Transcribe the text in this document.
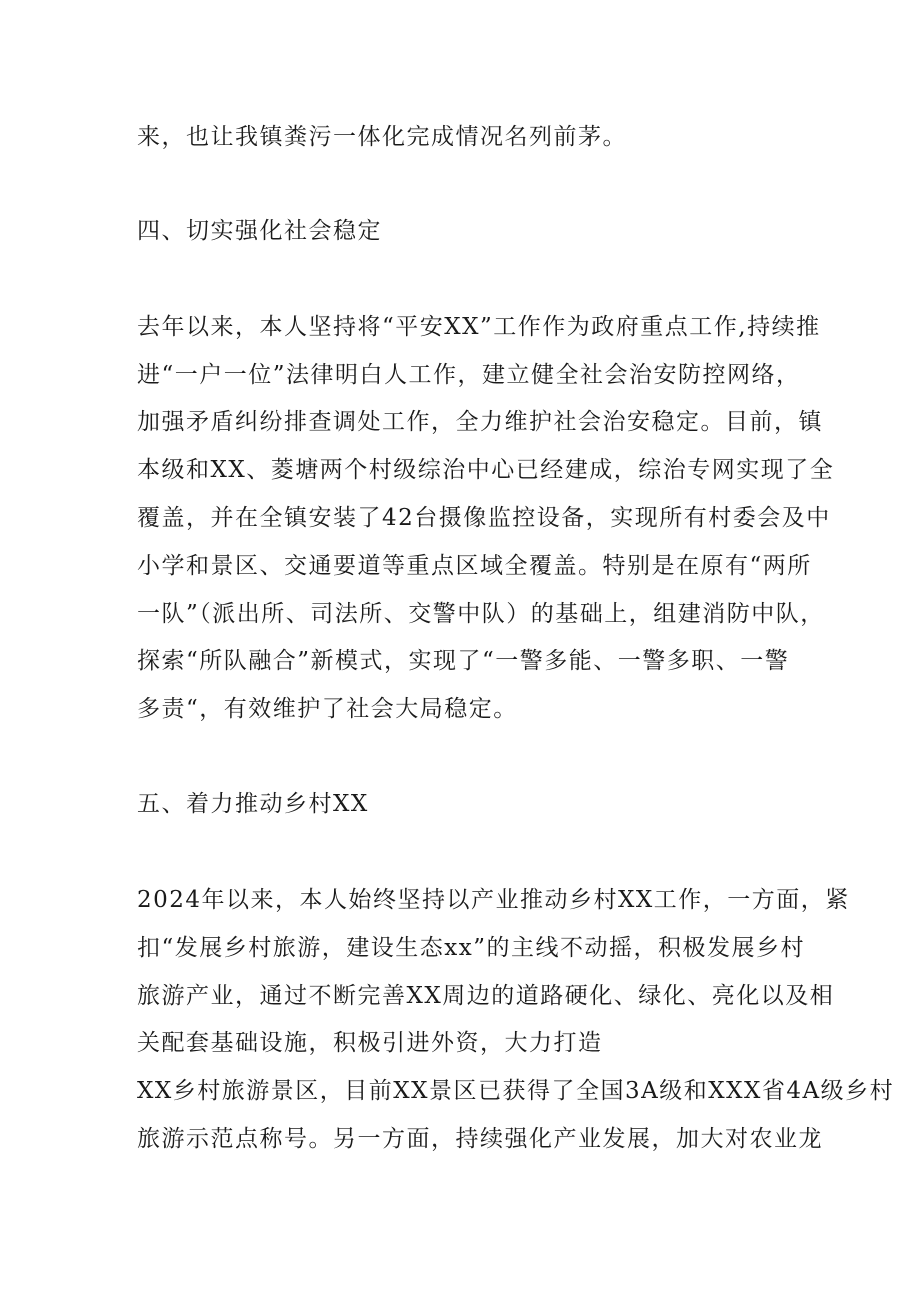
来，也让我镇粪污一体化完成情况名列前茅。
四、切实强化社会稳定
去年以来，本人坚持将“平安XX”工作作为政府重点工作,持续推
进“一户一位”法律明白人工作，建立健全社会治安防控网络，
加强矛盾纠纷排查调处工作，全力维护社会治安稳定。目前，镇
本级和XX、菱塘两个村级综治中心已经建成，综治专网实现了全
覆盖，并在全镇安装了42台摄像监控设备，实现所有村委会及中
小学和景区、交通要道等重点区域全覆盖。特别是在原有“两所
一队”（派出所、司法所、交警中队）的基础上，组建消防中队，
探索“所队融合”新模式，实现了“一警多能、一警多职、一警
多责“，有效维护了社会大局稳定。
五、着力推动乡村XX
2024年以来，本人始终坚持以产业推动乡村XX工作，一方面，紧
扣“发展乡村旅游，建设生态xx”的主线不动摇，积极发展乡村
旅游产业，通过不断完善XX周边的道路硬化、绿化、亮化以及相
关配套基础设施，积极引进外资，大力打造
XX乡村旅游景区，目前XX景区已获得了全国3A级和XXX省4A级乡村
旅游示范点称号。另一方面，持续强化产业发展，加大对农业龙
